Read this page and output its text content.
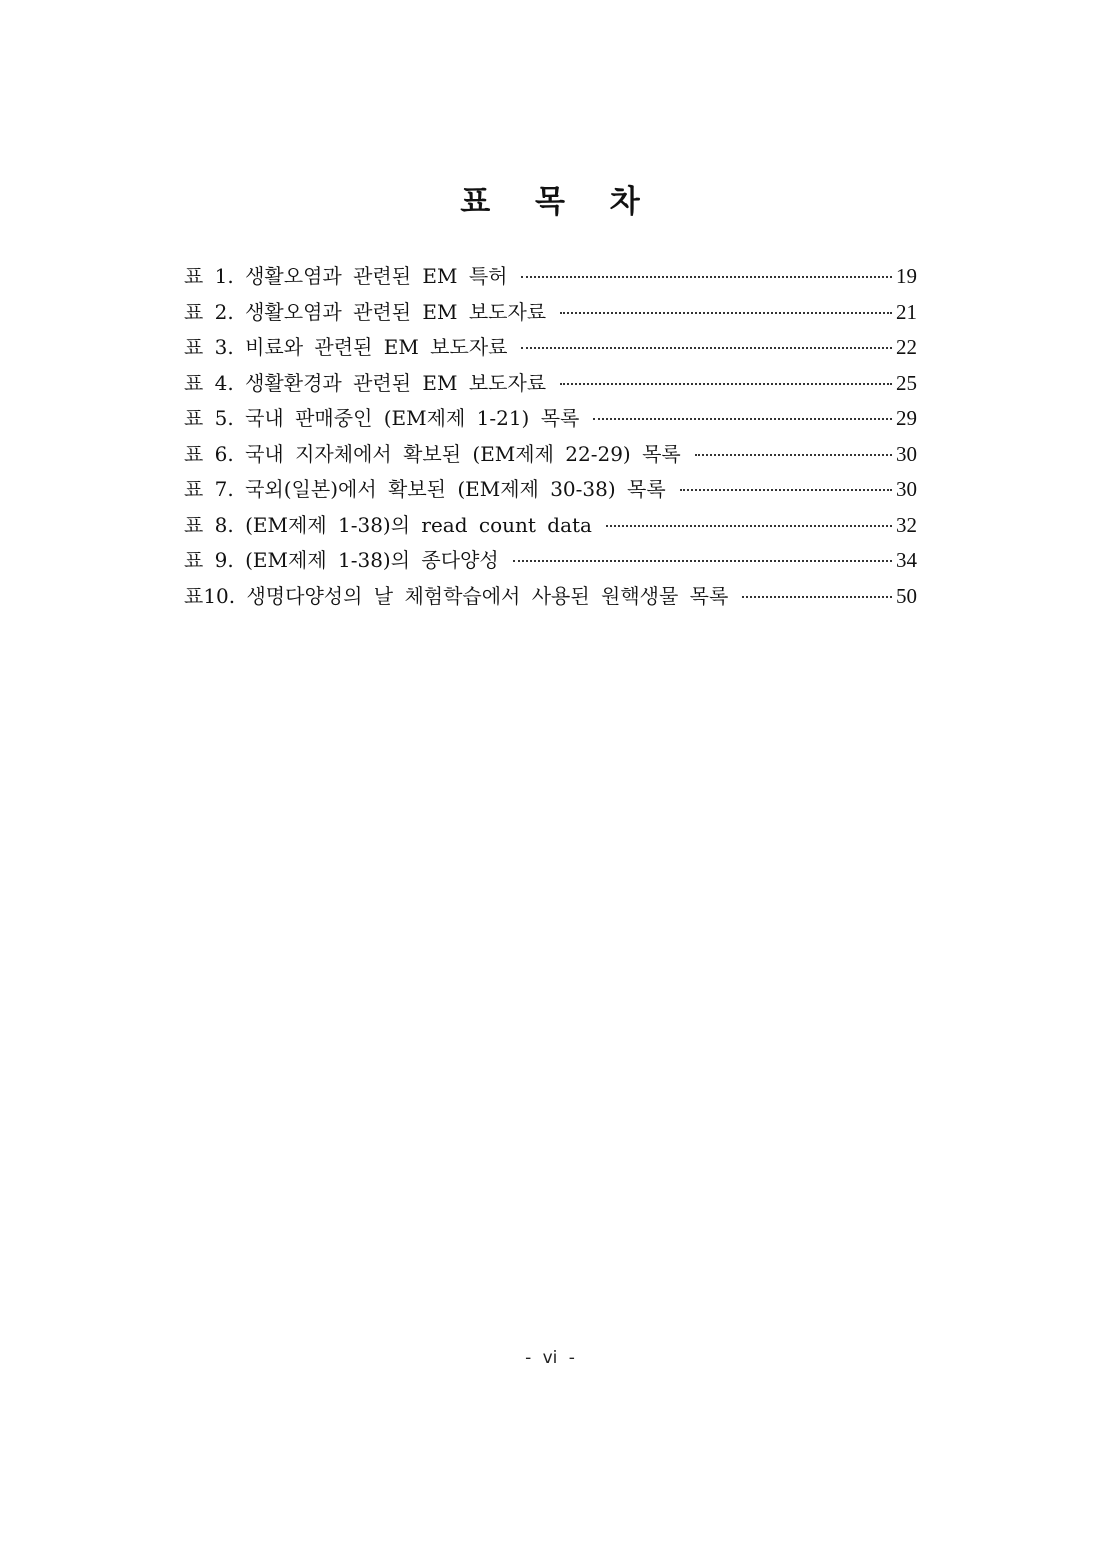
표 목 차
표 1. 생활오염과 관련된 EM 특허	19
표 2. 생활오염과 관련된 EM 보도자료	21
표 3. 비료와 관련된 EM 보도자료	22
표 4. 생활환경과 관련된 EM 보도자료	25
표 5. 국내 판매중인 (EM제제 1-21) 목록	29
표 6. 국내 지자체에서 확보된 (EM제제 22-29) 목록	30
표 7. 국외(일본)에서 확보된 (EM제제 30-38) 목록	30
표 8. (EM제제 1-38)의 read count data	32
표 9. (EM제제 1-38)의 종다양성	34
표10. 생명다양성의 날 체험학습에서 사용된 원핵생물 목록	50
- vi -
